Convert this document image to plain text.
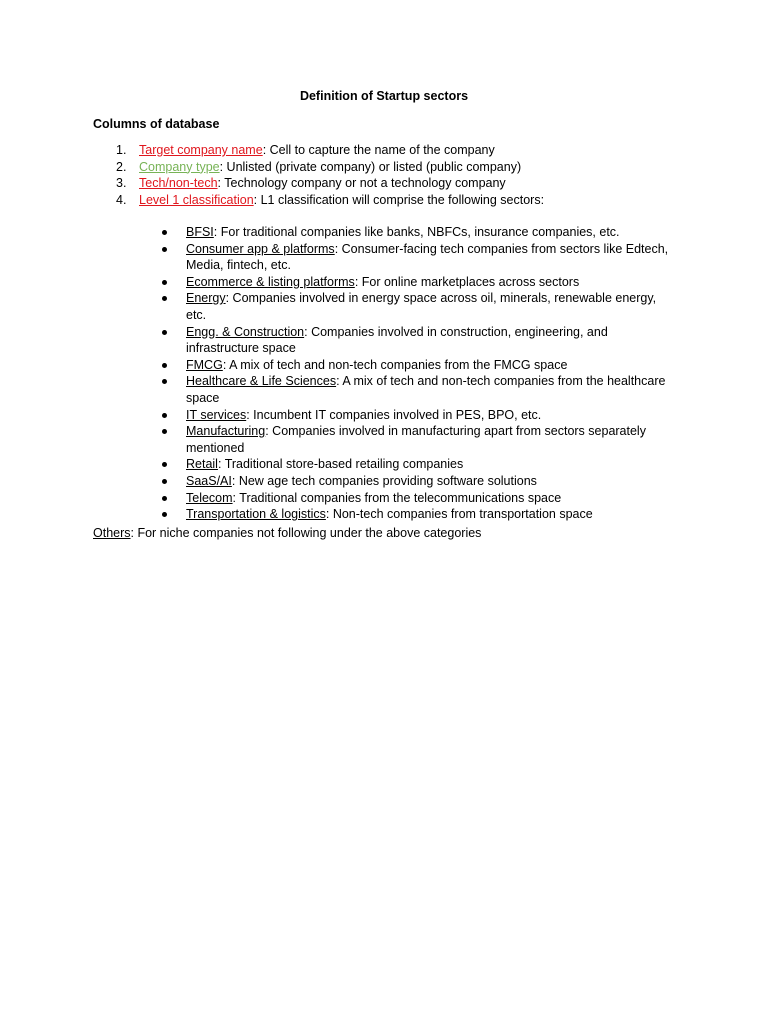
Definition of Startup sectors
Columns of database
1. Target company name: Cell to capture the name of the company
2. Company type: Unlisted (private company) or listed (public company)
3. Tech/non-tech: Technology company or not a technology company
4. Level 1 classification: L1 classification will comprise the following sectors:
BFSI: For traditional companies like banks, NBFCs, insurance companies, etc.
Consumer app & platforms: Consumer-facing tech companies from sectors like Edtech, Media, fintech, etc.
Ecommerce & listing platforms: For online marketplaces across sectors
Energy: Companies involved in energy space across oil, minerals, renewable energy, etc.
Engg. & Construction: Companies involved in construction, engineering, and infrastructure space
FMCG: A mix of tech and non-tech companies from the FMCG space
Healthcare & Life Sciences: A mix of tech and non-tech companies from the healthcare space
IT services: Incumbent IT companies involved in PES, BPO, etc.
Manufacturing: Companies involved in manufacturing apart from sectors separately mentioned
Retail: Traditional store-based retailing companies
SaaS/AI: New age tech companies providing software solutions
Telecom: Traditional companies from the telecommunications space
Transportation & logistics: Non-tech companies from transportation space
Others: For niche companies not following under the above categories
